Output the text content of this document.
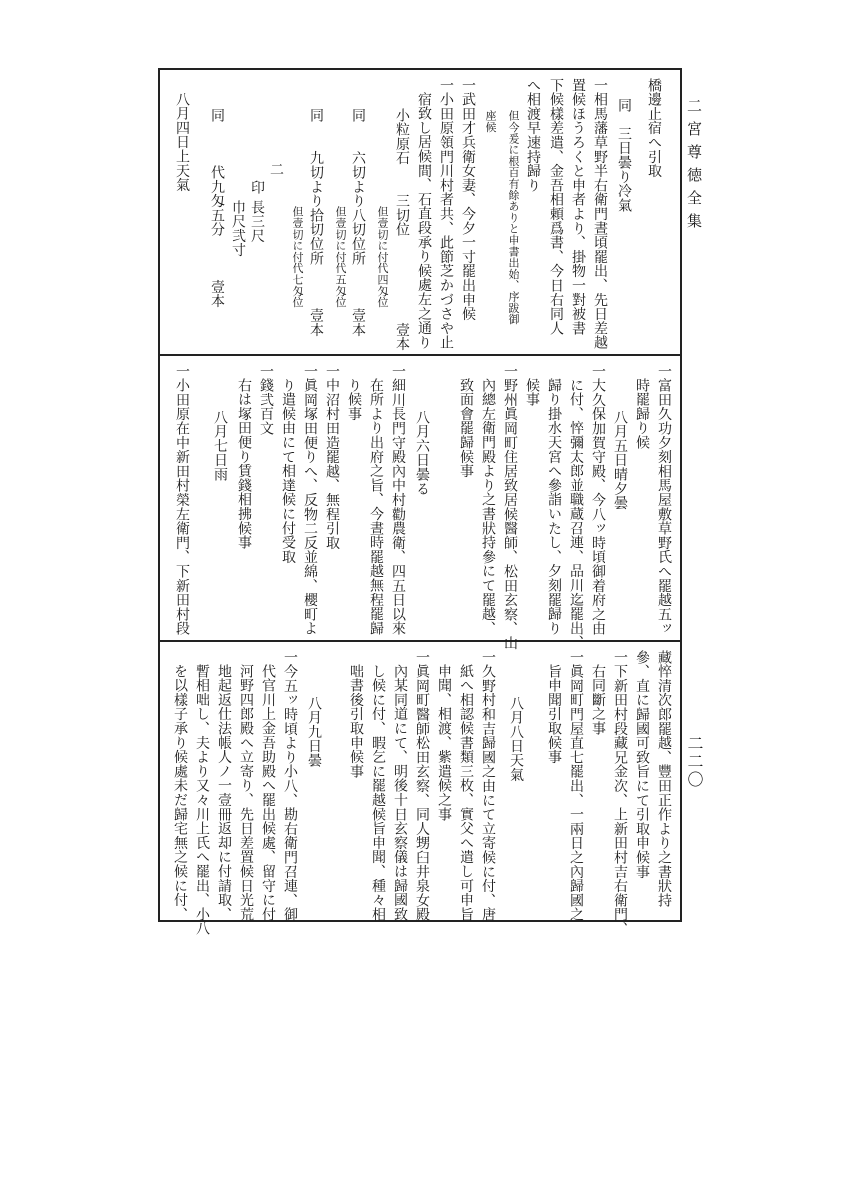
二宮尊徳全集
二二〇
橋邊止宿へ引取
同　三日曇り冷氣
一相馬藩草野半右衛門晝頃罷出、先日差越
置候ほうろくと申者より、掛物一對被書
下候樣差遣、金吾相頼爲書、今日右同人
へ相渡早速持歸り
但今爰に根百有餘ありと申書出始、序跋御
座候
一武田才兵衛女妻、今夕一寸罷出申候
一小田原領門川村者共、此節芝かづさや止
宿致し居候間、石直段承り候處左之通り
小粒原石　　三切位　　　　　　壹本
但壹切に付代四匁位
同　　六切より八切位所　　　壹本
但壹切に付代五匁位
同　　九切より拾切位所　　　壹本
但壹切に付代七匁位
二
印
長三尺
巾尺弐寸
同　　　代九匁五分　　　壹本
八月四日上天氣
一富田久功夕刻相馬屋敷草野氏へ罷越五ッ
時罷歸り候
八月五日晴夕曇
一大久保加賀守殿、今八ッ時頃御着府之由
に付、悴彌太郎並職蔵召連、品川迄罷出、
歸り掛水天宮へ參詣いたし、夕刻罷歸り
候事
一野州眞岡町住居致居候醫師、松田玄察、山
內總左衛門殿より之書狀持參にて罷越、
致面會罷歸候事
八月六日曇る
一細川長門守殿內中村勸農衛、四五日以來
在所より出府之旨、今晝時罷越無程罷歸
り候事
一中沼村田造罷越、無程引取
一眞岡塚田便りへ、反物二反並綿、櫻町よ
り遣候由にて相達候に付受取
一錢弐百文
右は塚田便り賃錢相拂候事
八月七日雨
一小田原在中新田村榮左衛門、下新田村段
藏悴清次郎罷越、豐田正作より之書狀持
參、直に歸國可致旨にて引取申候事
一下新田村段藏兄金次、上新田村吉右衛門、
右同斷之事
一眞岡町門屋直七罷出、一兩日之內歸國之
旨申聞引取候事
八月八日天氣
一久野村和吉歸國之由にて立寄候に付、唐
紙へ相認候書類三枚、實父へ遣し可申旨
申聞、相渡、紫遣候之事
一眞岡町醫師松田玄察、同人甥臼井泉女殿
內某同道にて、明後十日玄察儀は歸國致
し候に付、暇乞に罷越候旨申聞、種々相
咄書後引取申候事
八月九日曇
一今五ッ時頃より小八、勘右衛門召連、御
代官川上金吾助殿へ罷出候處、留守に付
河野四郎殿へ立寄り、先日差置候日光荒
地起返仕法帳人ノ一壹冊返却に付請取、
暫相咄し、夫より又々川上氏へ罷出、小八
を以樣子承り候處未だ歸宅無之候に付、
